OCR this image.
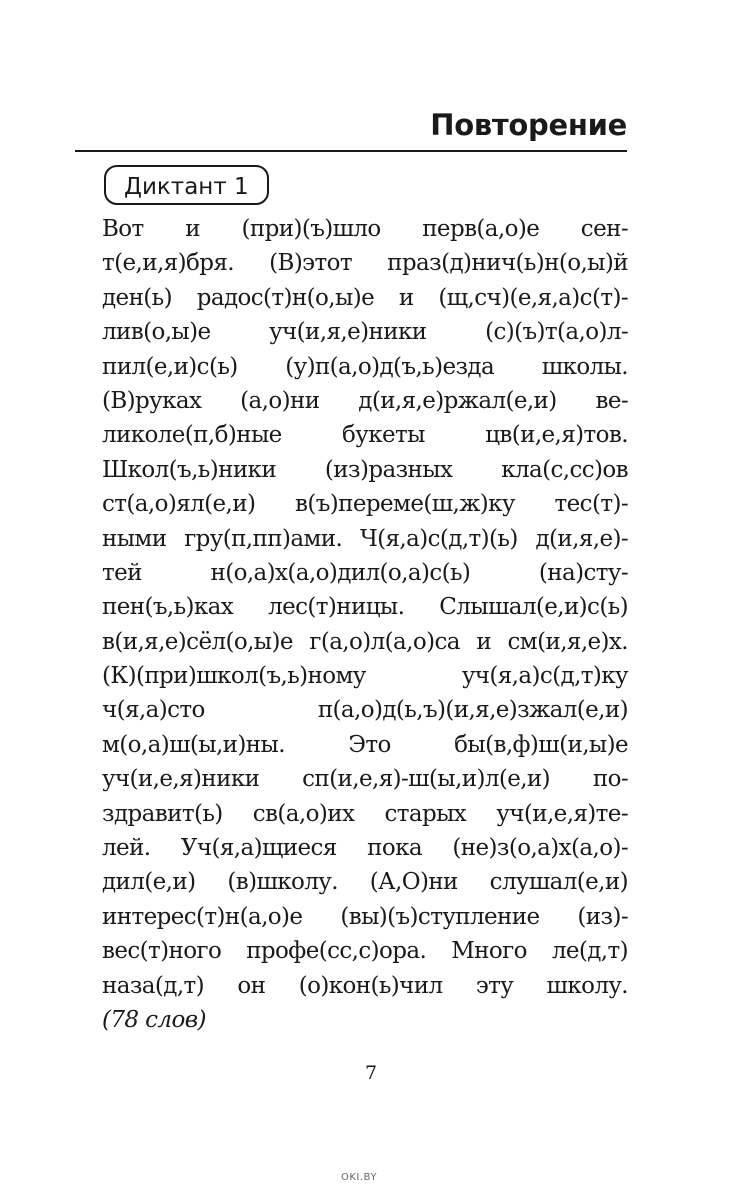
Повторение
Диктант 1
Вот и (при)(ъ)шло перв(а,о)е сен-
т(е,и,я)бря. (В)этот праз(д)нич(ь)н(о,ы)й
ден(ь) радос(т)н(о,ы)е и (щ,сч)(е,я,а)с(т)-
лив(о,ы)е уч(и,я,е)ники (с)(ъ)т(а,о)л-
пил(е,и)с(ь) (у)п(а,о)д(ъ,ь)езда школы.
(В)руках (а,о)ни д(и,я,е)ржал(е,и) ве-
ликоле(п,б)ные букеты цв(и,е,я)тов.
Школ(ъ,ь)ники (из)разных кла(с,сс)ов
ст(а,о)ял(е,и) в(ъ)переме(ш,ж)ку тес(т)-
ными гру(п,пп)ами. Ч(я,а)с(д,т)(ь) д(и,я,е)-
тей н(о,а)х(а,о)дил(о,а)с(ь) (на)сту-
пен(ъ,ь)ках лес(т)ницы. Слышал(е,и)с(ь)
в(и,я,е)сёл(о,ы)е г(а,о)л(а,о)са и см(и,я,е)х.
(К)(при)школ(ъ,ь)ному уч(я,а)с(д,т)ку
ч(я,а)сто п(а,о)д(ь,ъ)(и,я,е)зжал(е,и)
м(о,а)ш(ы,и)ны. Это бы(в,ф)ш(и,ы)е
уч(и,е,я)ники сп(и,е,я)-ш(ы,и)л(е,и) по-
здравит(ь) св(а,о)их старых уч(и,е,я)те-
лей. Уч(я,а)щиеся пока (не)з(о,а)х(а,о)-
дил(е,и) (в)школу. (А,О)ни слушал(е,и)
интерес(т)н(а,о)е (вы)(ъ)ступление (из)-
вес(т)ного профе(сс,с)ора. Много ле(д,т)
наза(д,т) он (о)кон(ь)чил эту школу.
(78 слов)
7
OKI.BY
